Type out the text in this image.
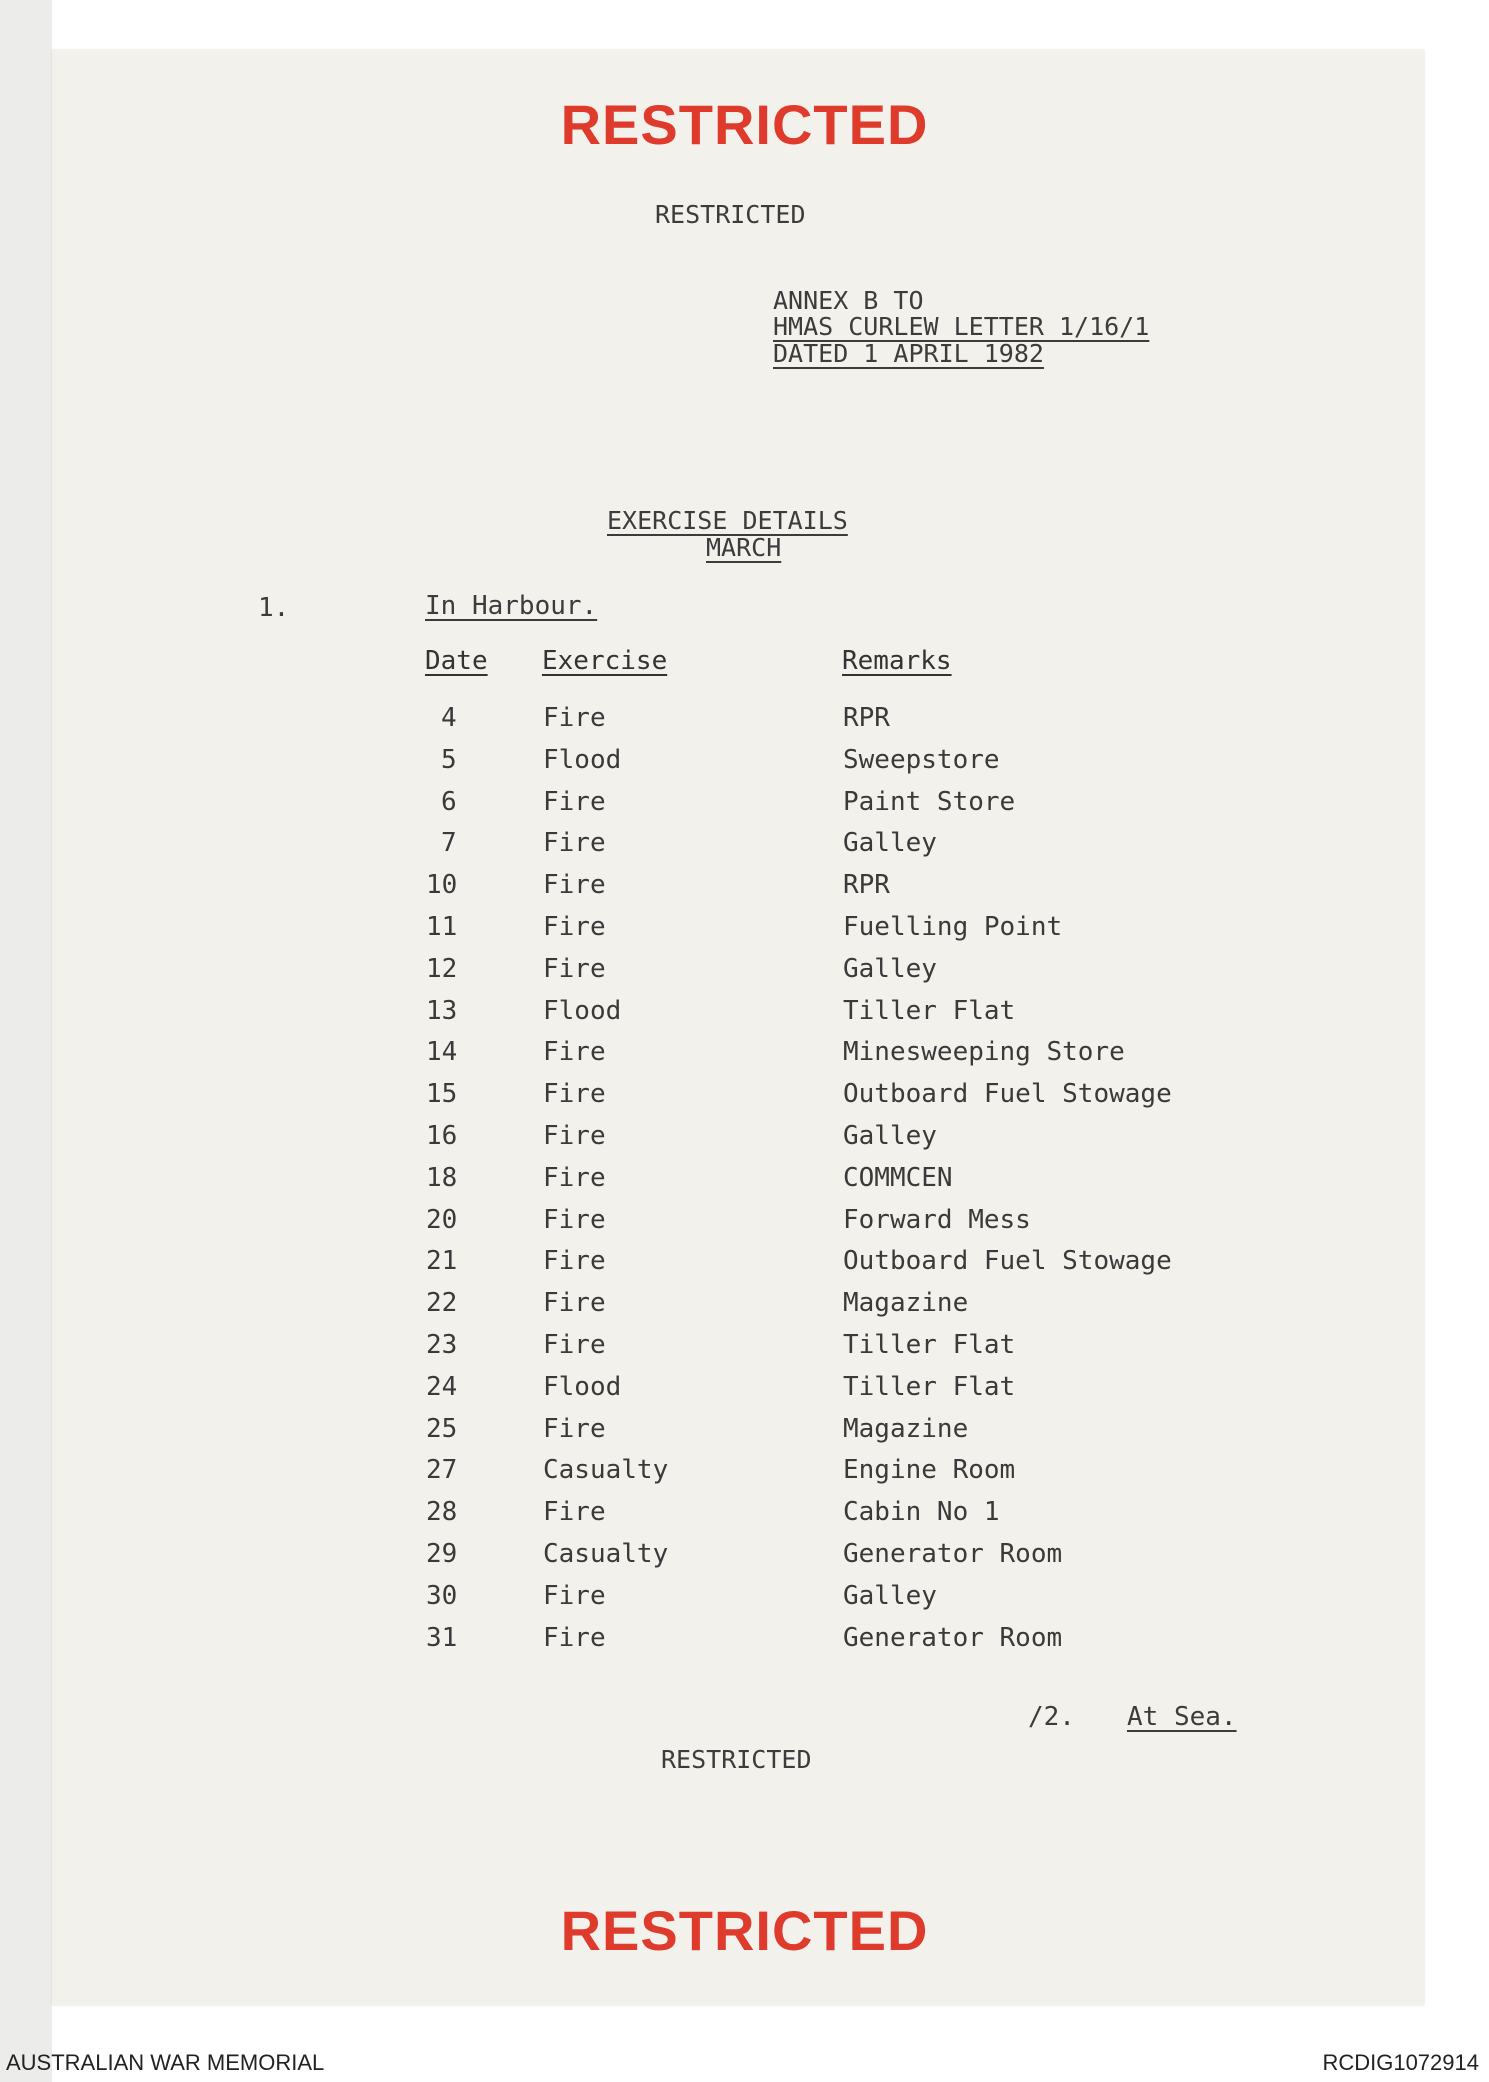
RESTRICTED
RESTRICTED
ANNEX B TO
HMAS CURLEW LETTER 1/16/1
DATED 1 APRIL 1982
EXERCISE DETAILS
MARCH
1.	In Harbour.
Date Exercise	Remarks
4	Fire	RPR
5	Flood	Sweepstore
6	Fire	Paint Store
7	Fire	Galley
10	Fire	RPR
11	Fire	Fuelling Point
12	Fire	Galley
13	Flood	Tiller Flat
14	Fire	Minesweeping Store
15	Fire	Outboard Fuel Stowage
16	Fire	Galley
18	Fire	COMMCEN
20	Fire	Forward Mess
21	Fire	Outboard Fuel Stowage
22	Fire	Magazine
23	Fire	Tiller Flat
24	Flood	Tiller Flat
25	Fire	Magazine
27	Casualty	Engine Room
28	Fire	Cabin No 1
29	Casualty	Generator Room
30	Fire	Galley
31	Fire	Generator Room
/2. At Sea.
RESTRICTED
RESTRICTED
AUSTRALIAN WAR MEMORIAL	RCDIG1072914
